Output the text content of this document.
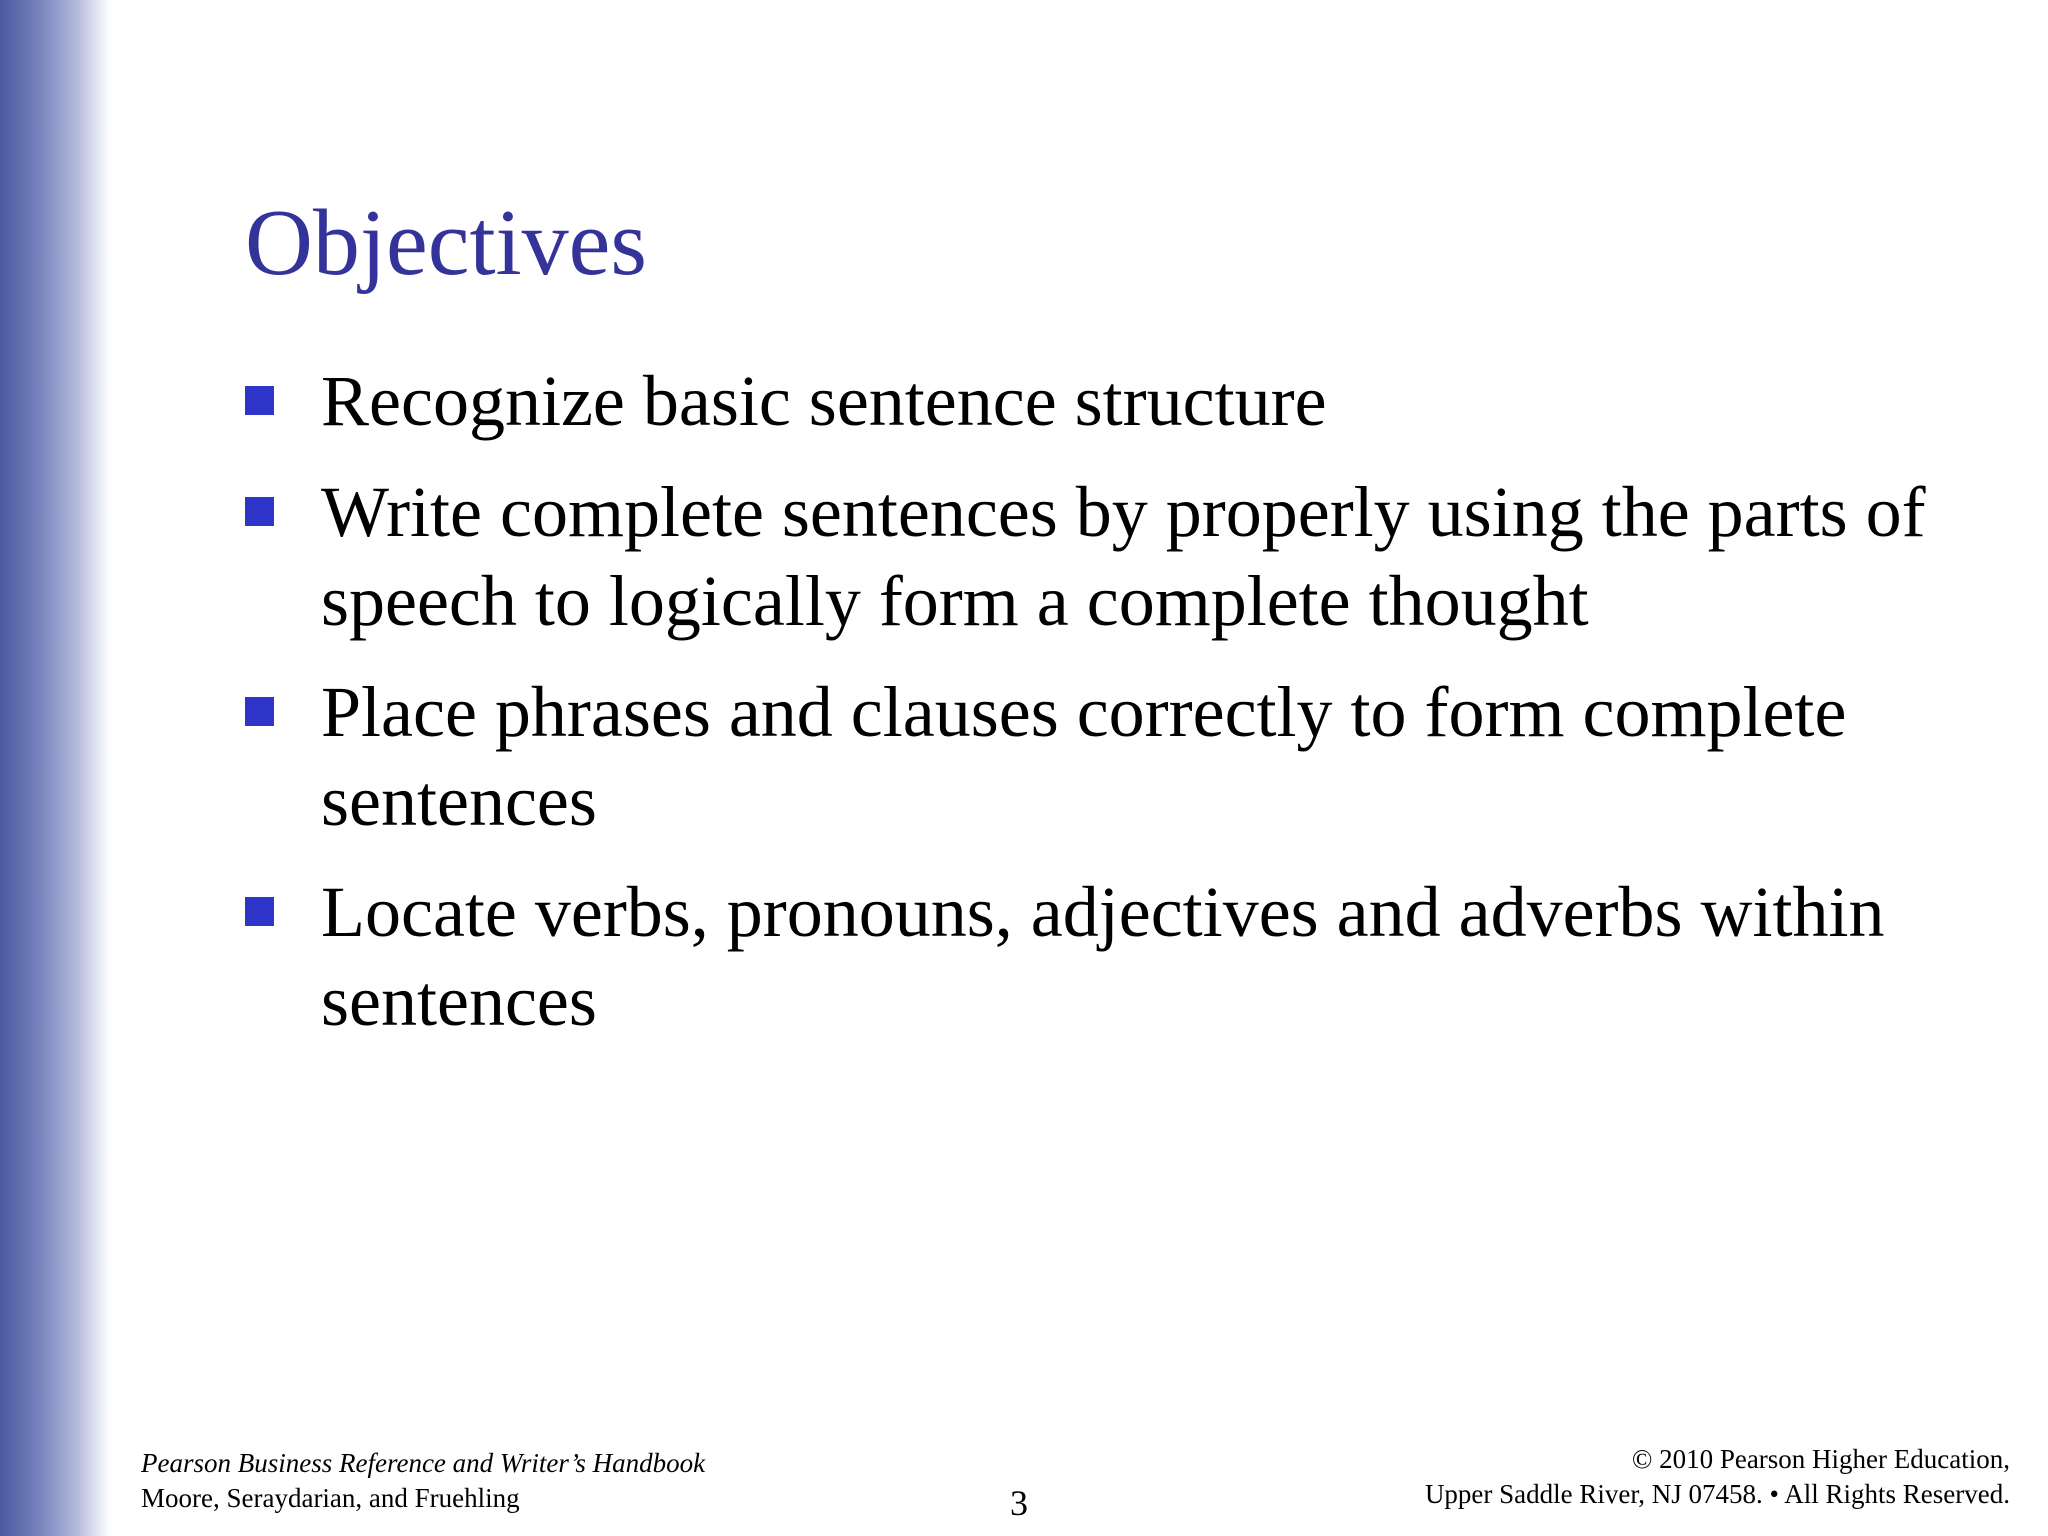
Objectives
Recognize basic sentence structure
Write complete sentences by properly using the parts of speech to logically form a complete thought
Place phrases and clauses correctly to form complete sentences
Locate verbs, pronouns, adjectives and adverbs within sentences
Pearson Business Reference and Writer’s Handbook
Moore, Seraydarian, and Fruehling	3
© 2010 Pearson Higher Education,
Upper Saddle River, NJ 07458. • All Rights Reserved.
